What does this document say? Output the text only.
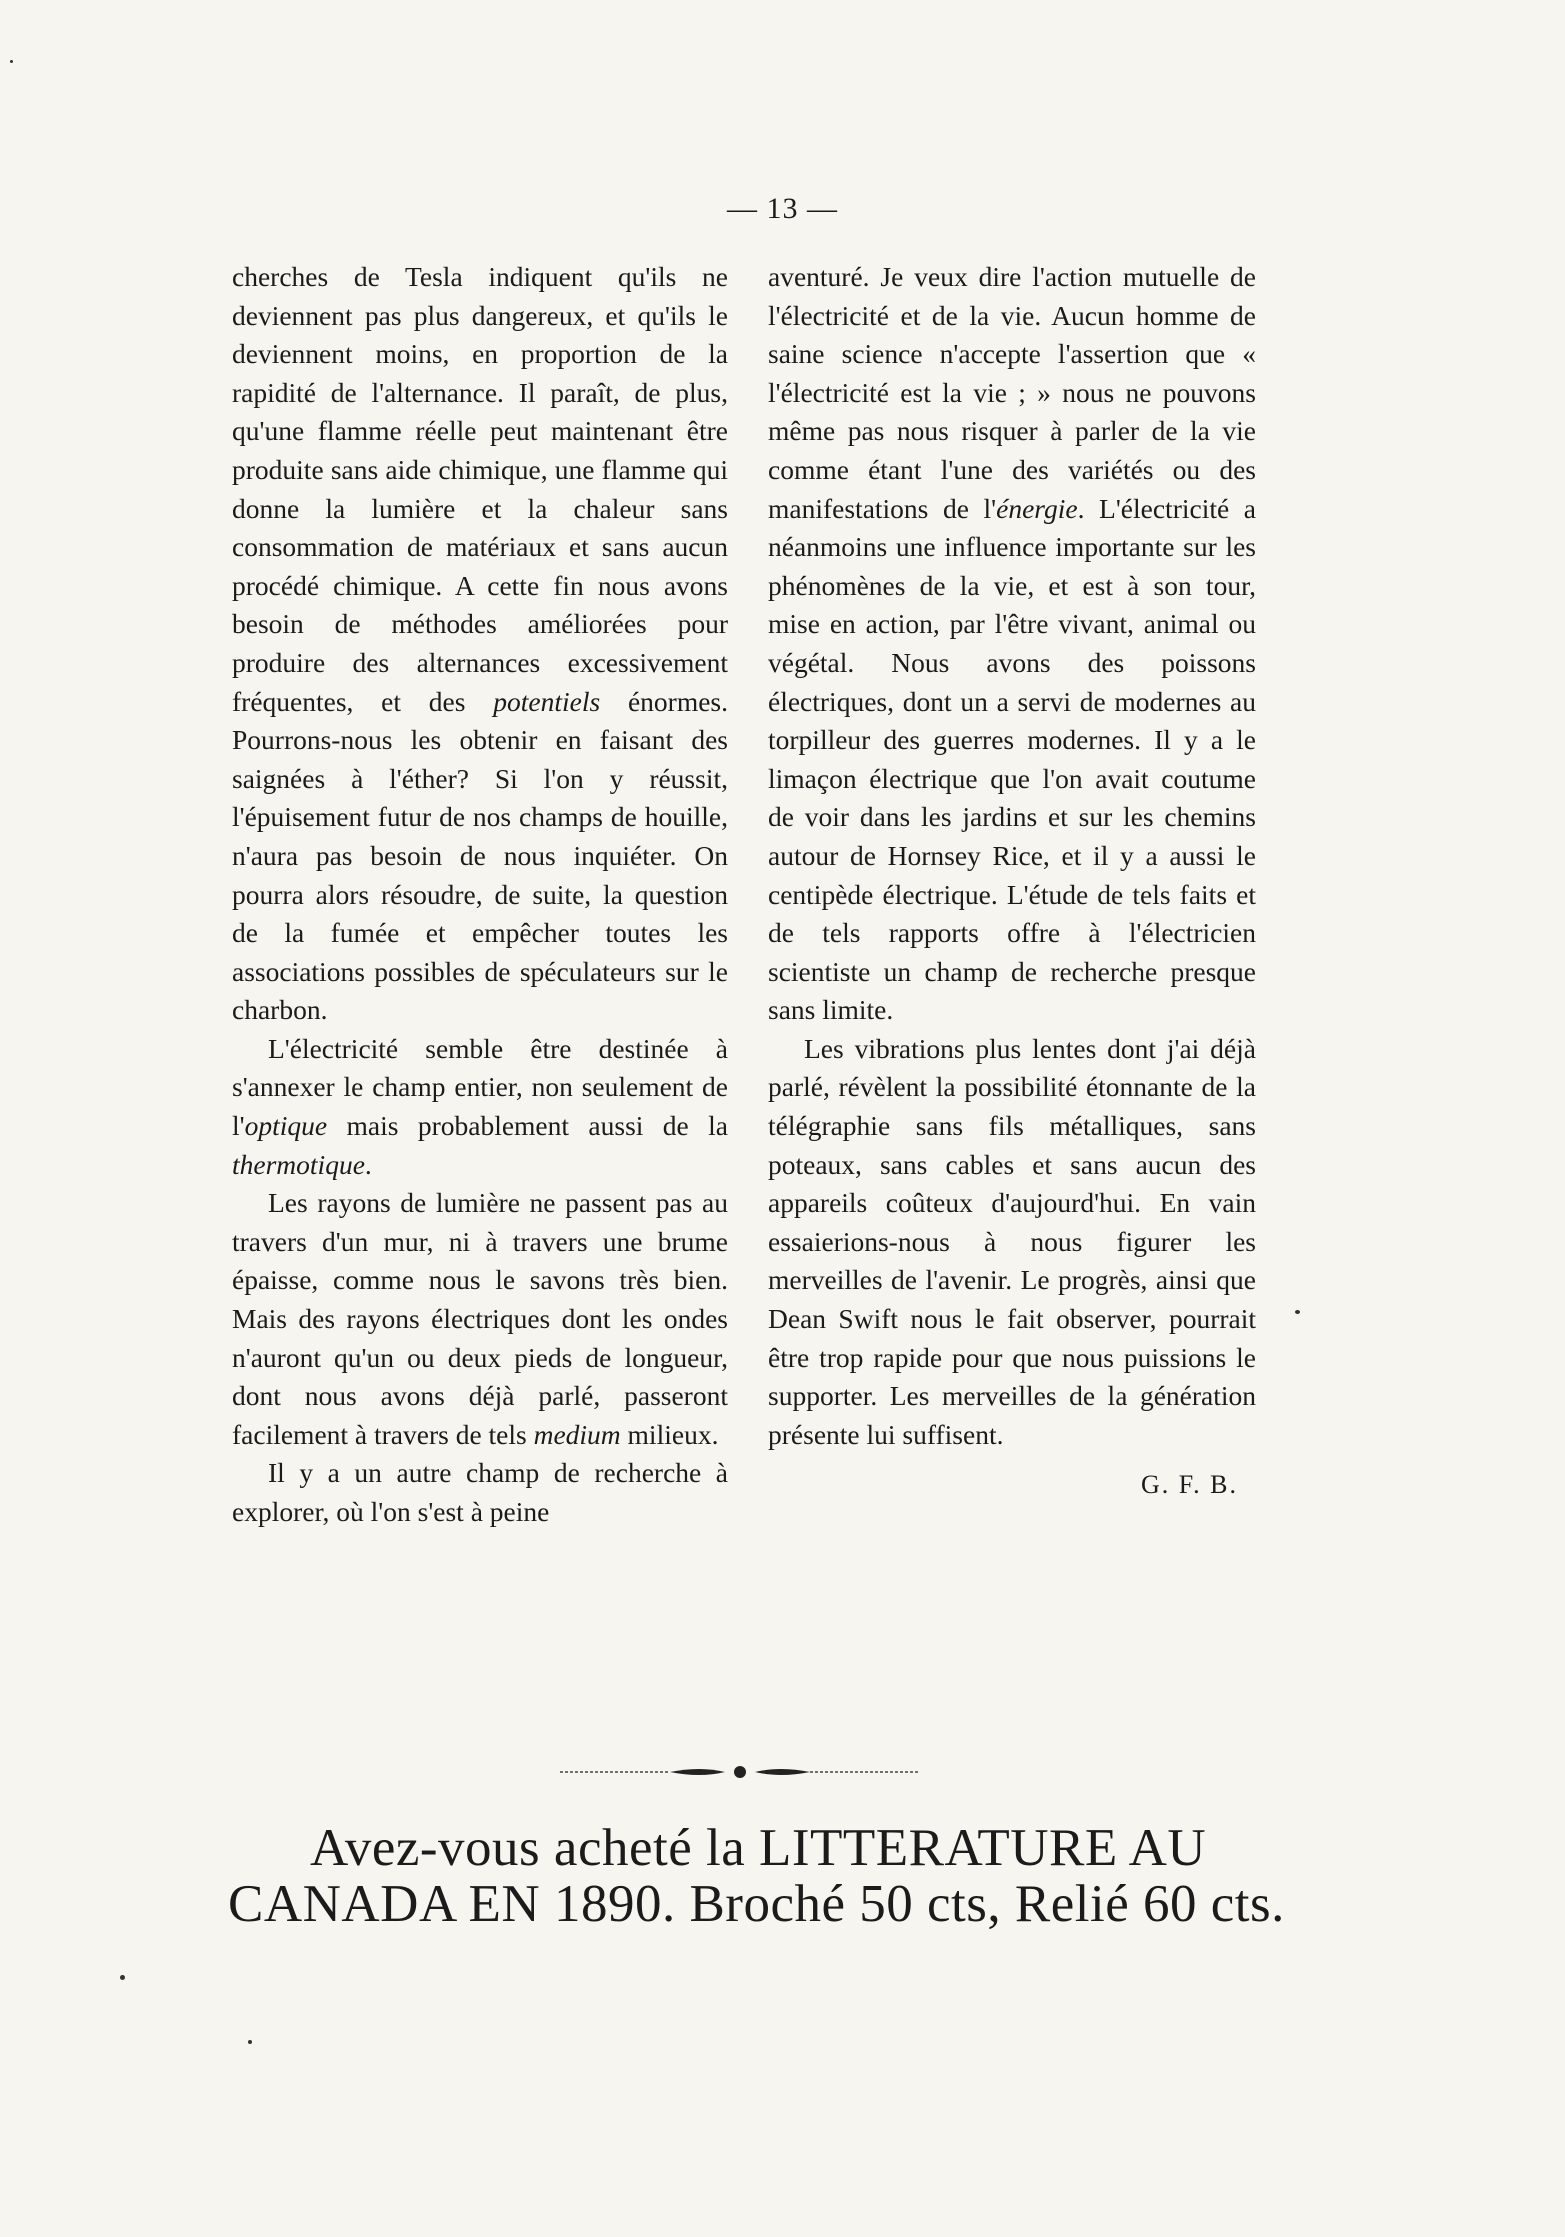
— 13 —

cherches de Tesla indiquent qu'ils ne deviennent pas plus dangereux, et qu'ils le deviennent moins, en proportion de la rapidité de l'alternance. Il paraît, de plus, qu'une flamme réelle peut maintenant être produite sans aide chimique, une flamme qui donne la lumière et la chaleur sans consommation de matériaux et sans aucun procédé chimique. A cette fin nous avons besoin de méthodes améliorées pour produire des alternances excessivement fréquentes, et des potentiels énormes. Pourrons-nous les obtenir en faisant des saignées à l'éther? Si l'on y réussit, l'épuisement futur de nos champs de houille, n'aura pas besoin de nous inquiéter. On pourra alors résoudre, de suite, la question de la fumée et empêcher toutes les associations possibles de spéculateurs sur le charbon.

L'électricité semble être destinée à s'annexer le champ entier, non seulement de l'optique mais probablement aussi de la thermotique.

Les rayons de lumière ne passent pas au travers d'un mur, ni à travers une brume épaisse, comme nous le savons très bien. Mais des rayons électriques dont les ondes n'auront qu'un ou deux pieds de longueur, dont nous avons déjà parlé, passeront facilement à travers de tels medium milieux.

Il y a un autre champ de recherche à explorer, où l'on s'est à peine

aventuré. Je veux dire l'action mutuelle de l'électricité et de la vie. Aucun homme de saine science n'accepte l'assertion que « l'électricité est la vie ; » nous ne pouvons même pas nous risquer à parler de la vie comme étant l'une des variétés ou des manifestations de l'énergie. L'électricité a néanmoins une influence importante sur les phénomènes de la vie, et est à son tour, mise en action, par l'être vivant, animal ou végétal. Nous avons des poissons électriques, dont un a servi de modernes au torpilleur des guerres modernes. Il y a le limaçon électrique que l'on avait coutume de voir dans les jardins et sur les chemins autour de Hornsey Rice, et il y a aussi le centipède électrique. L'étude de tels faits et de tels rapports offre à l'électricien scientiste un champ de recherche presque sans limite.

Les vibrations plus lentes dont j'ai déjà parlé, révèlent la possibilité étonnante de la télégraphie sans fils métalliques, sans poteaux, sans cables et sans aucun des appareils coûteux d'aujourd'hui. En vain essaierions-nous à nous figurer les merveilles de l'avenir. Le progrès, ainsi que Dean Swift nous le fait observer, pourrait être trop rapide pour que nous puissions le supporter. Les merveilles de la génération présente lui suffisent.

G. F. B.
Avez-vous acheté la LITTERATURE AU
CANADA EN 1890. Broché 50 cts, Relié 60 cts.
